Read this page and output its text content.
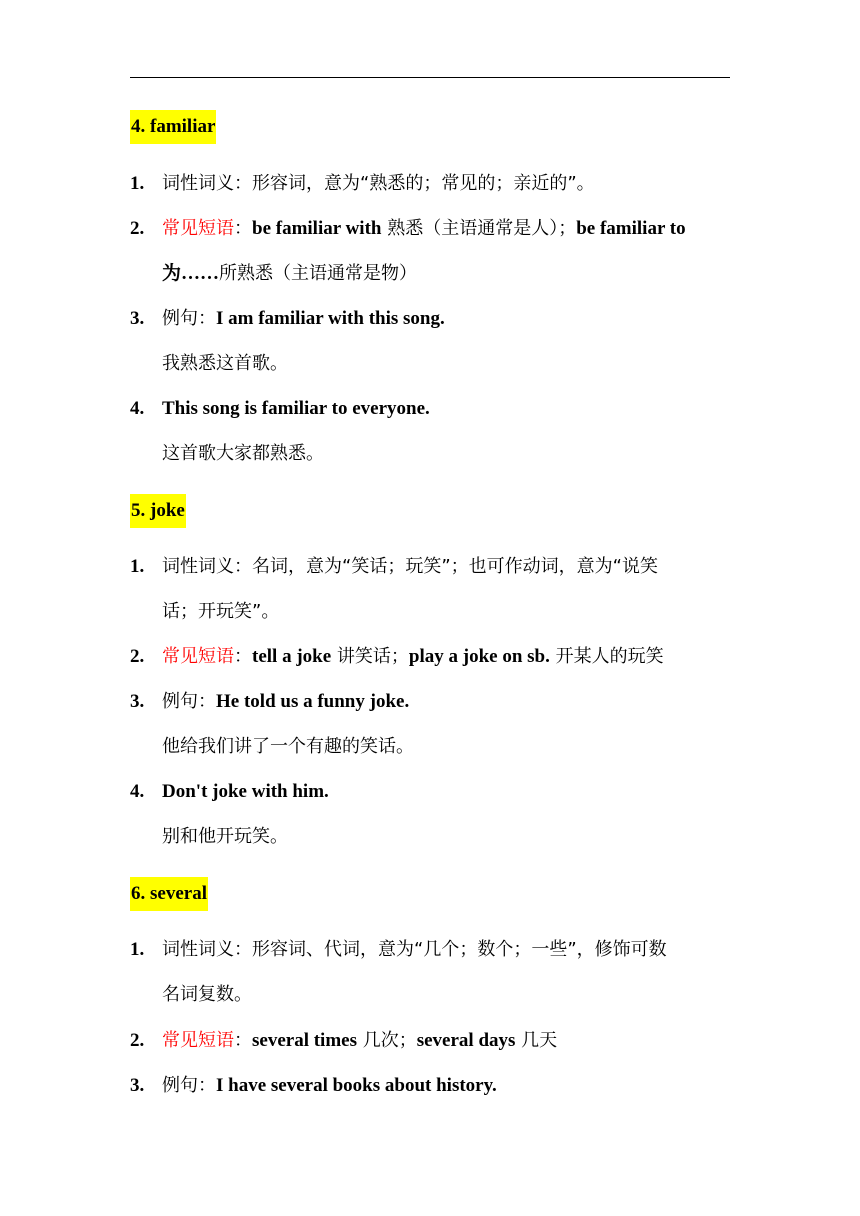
4. familiar
1. 词性词义：形容词，意为“熟悉的；常见的；亲近的”。
2. 常见短语：be familiar with 熟悉（主语通常是人）；be familiar to
为……所熟悉（主语通常是物）
3. 例句：I am familiar with this song.
我熟悉这首歌。
4. This song is familiar to everyone.
这首歌大家都熟悉。
5. joke
1. 词性词义：名词，意为“笑话；玩笑”；也可作动词，意为“说笑
话；开玩笑”。
2. 常见短语：tell a joke 讲笑话；play a joke on sb. 开某人的玩笑
3. 例句：He told us a funny joke.
他给我们讲了一个有趣的笑话。
4. Don't joke with him.
别和他开玩笑。
6. several
1. 词性词义：形容词、代词，意为“几个；数个；一些”，修饰可数
名词复数。
2. 常见短语：several times 几次；several days 几天
3. 例句：I have several books about history.
